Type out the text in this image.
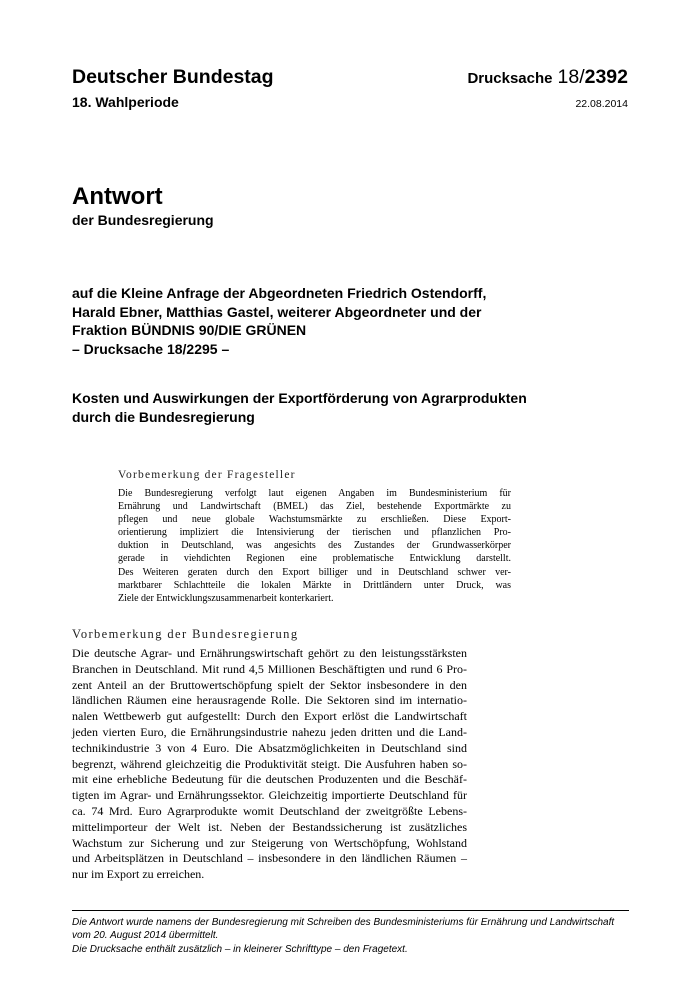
Deutscher Bundestag
18. Wahlperiode
Drucksache 18/2392
22.08.2014
Antwort
der Bundesregierung
auf die Kleine Anfrage der Abgeordneten Friedrich Ostendorff,
Harald Ebner, Matthias Gastel, weiterer Abgeordneter und der
Fraktion BÜNDNIS 90/DIE GRÜNEN
– Drucksache 18/2295 –
Kosten und Auswirkungen der Exportförderung von Agrarprodukten
durch die Bundesregierung
Vorbemerkung der Fragesteller
Die Bundesregierung verfolgt laut eigenen Angaben im Bundesministerium für
Ernährung und Landwirtschaft (BMEL) das Ziel, bestehende Exportmärkte zu
pflegen und neue globale Wachstumsmärkte zu erschließen. Diese Export-
orientierung impliziert die Intensivierung der tierischen und pflanzlichen Pro-
duktion in Deutschland, was angesichts des Zustandes der Grundwasserkörper
gerade in viehdichten Regionen eine problematische Entwicklung darstellt.
Des Weiteren geraten durch den Export billiger und in Deutschland schwer ver-
marktbarer Schlachtteile die lokalen Märkte in Drittländern unter Druck, was
Ziele der Entwicklungszusammenarbeit konterkariert.
Vorbemerkung der Bundesregierung
Die deutsche Agrar- und Ernährungswirtschaft gehört zu den leistungsstärksten
Branchen in Deutschland. Mit rund 4,5 Millionen Beschäftigten und rund 6 Pro-
zent Anteil an der Bruttowertschöpfung spielt der Sektor insbesondere in den
ländlichen Räumen eine herausragende Rolle. Die Sektoren sind im internatio-
nalen Wettbewerb gut aufgestellt: Durch den Export erlöst die Landwirtschaft
jeden vierten Euro, die Ernährungsindustrie nahezu jeden dritten und die Land-
technikindustrie 3 von 4 Euro. Die Absatzmöglichkeiten in Deutschland sind
begrenzt, während gleichzeitig die Produktivität steigt. Die Ausfuhren haben so-
mit eine erhebliche Bedeutung für die deutschen Produzenten und die Beschäf-
tigten im Agrar- und Ernährungssektor. Gleichzeitig importierte Deutschland für
ca. 74 Mrd. Euro Agrarprodukte womit Deutschland der zweitgrößte Lebens-
mittelimporteur der Welt ist. Neben der Bestandssicherung ist zusätzliches
Wachstum zur Sicherung und zur Steigerung von Wertschöpfung, Wohlstand
und Arbeitsplätzen in Deutschland – insbesondere in den ländlichen Räumen –
nur im Export zu erreichen.
Die Antwort wurde namens der Bundesregierung mit Schreiben des Bundesministeriums für Ernährung und Landwirtschaft
vom 20. August 2014 übermittelt.
Die Drucksache enthält zusätzlich – in kleinerer Schrifttype – den Fragetext.
